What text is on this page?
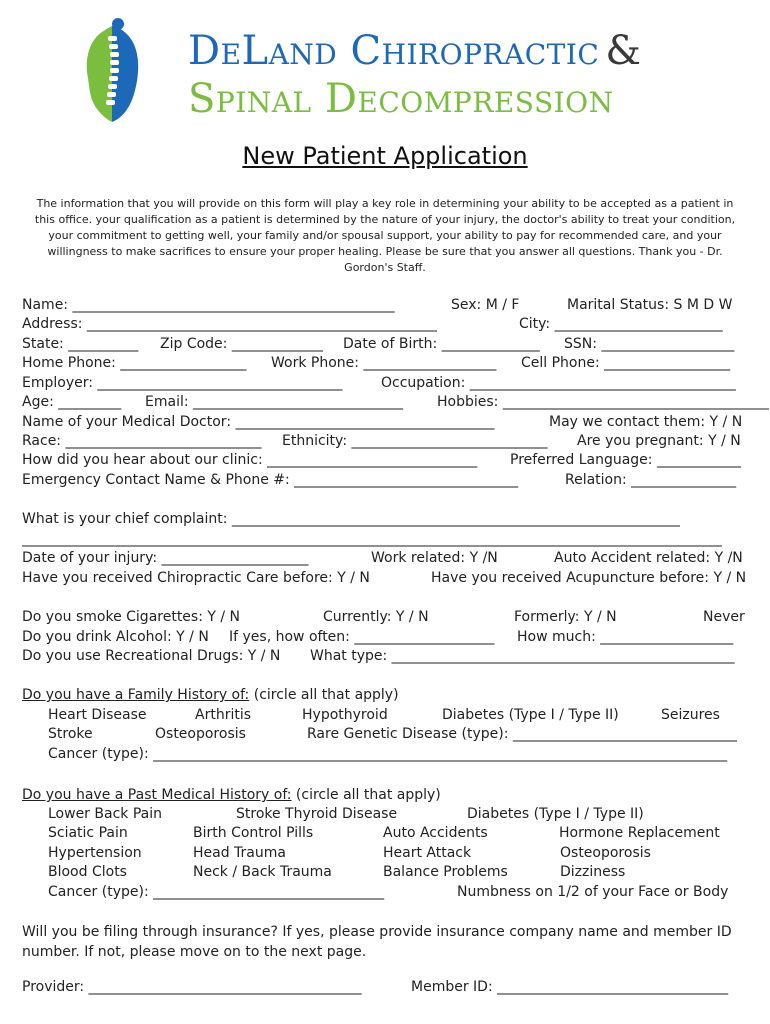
DeLand Chiropractic &
Spinal Decompression
New Patient Application
The information that you will provide on this form will play a key role in determining your ability to be accepted as a patient in this office. your qualification as a patient is determined by the nature of your injury, the doctor's ability to treat your condition, your commitment to getting well, your family and/or spousal support, your ability to pay for recommended care, and your willingness to make sacrifices to ensure your proper healing. Please be sure that you answer all questions. Thank you - Dr. Gordon's Staff.
Name: ______________________________________________	Sex: M / F	Marital Status: S M D W
Address: __________________________________________________	City: ________________________
State: __________ Zip Code: _____________ Date of Birth: ______________ SSN: ___________________
Home Phone: __________________ Work Phone: ___________________ Cell Phone: __________________
Employer: ___________________________________	Occupation: ______________________________________
Age: _________ Email: ______________________________ Hobbies: ______________________________________
Name of your Medical Doctor: _____________________________________	May we contact them: Y / N
Race: ____________________________ Ethnicity: ____________________________ Are you pregnant: Y / N
How did you hear about our clinic: ______________________________ Preferred Language: ____________
Emergency Contact Name & Phone #: ________________________________	Relation: _______________
What is your chief complaint: ________________________________________________________________
____________________________________________________________________________________________________
Date of your injury: _____________________	Work related: Y /N	Auto Accident related: Y /N
Have you received Chiropractic Care before: Y / N	Have you received Acupuncture before: Y / N
Do you smoke Cigarettes: Y / N	Currently: Y / N	Formerly: Y / N	Never
Do you drink Alcohol: Y / N If yes, how often: ____________________ How much: ___________________
Do you use Recreational Drugs: Y / N What type: _________________________________________________
Do you have a Family History of: (circle all that apply)
Heart Disease	Arthritis	Hypothyroid	Diabetes (Type I / Type II)	Seizures
Stroke	Osteoporosis	Rare Genetic Disease (type): ________________________________
Cancer (type): __________________________________________________________________________________
Do you have a Past Medical History of: (circle all that apply)
Lower Back Pain	Stroke Thyroid Disease	Diabetes (Type I / Type II)
Sciatic Pain	Birth Control Pills	Auto Accidents	Hormone Replacement
Hypertension	Head Trauma	Heart Attack	Osteoporosis
Blood Clots	Neck / Back Trauma	Balance Problems	Dizziness
Cancer (type): _________________________________	Numbness on 1/2 of your Face or Body
Will you be filing through insurance? If yes, please provide insurance company name and member ID number. If not, please move on to the next page.
Provider: _______________________________________	Member ID: _________________________________
